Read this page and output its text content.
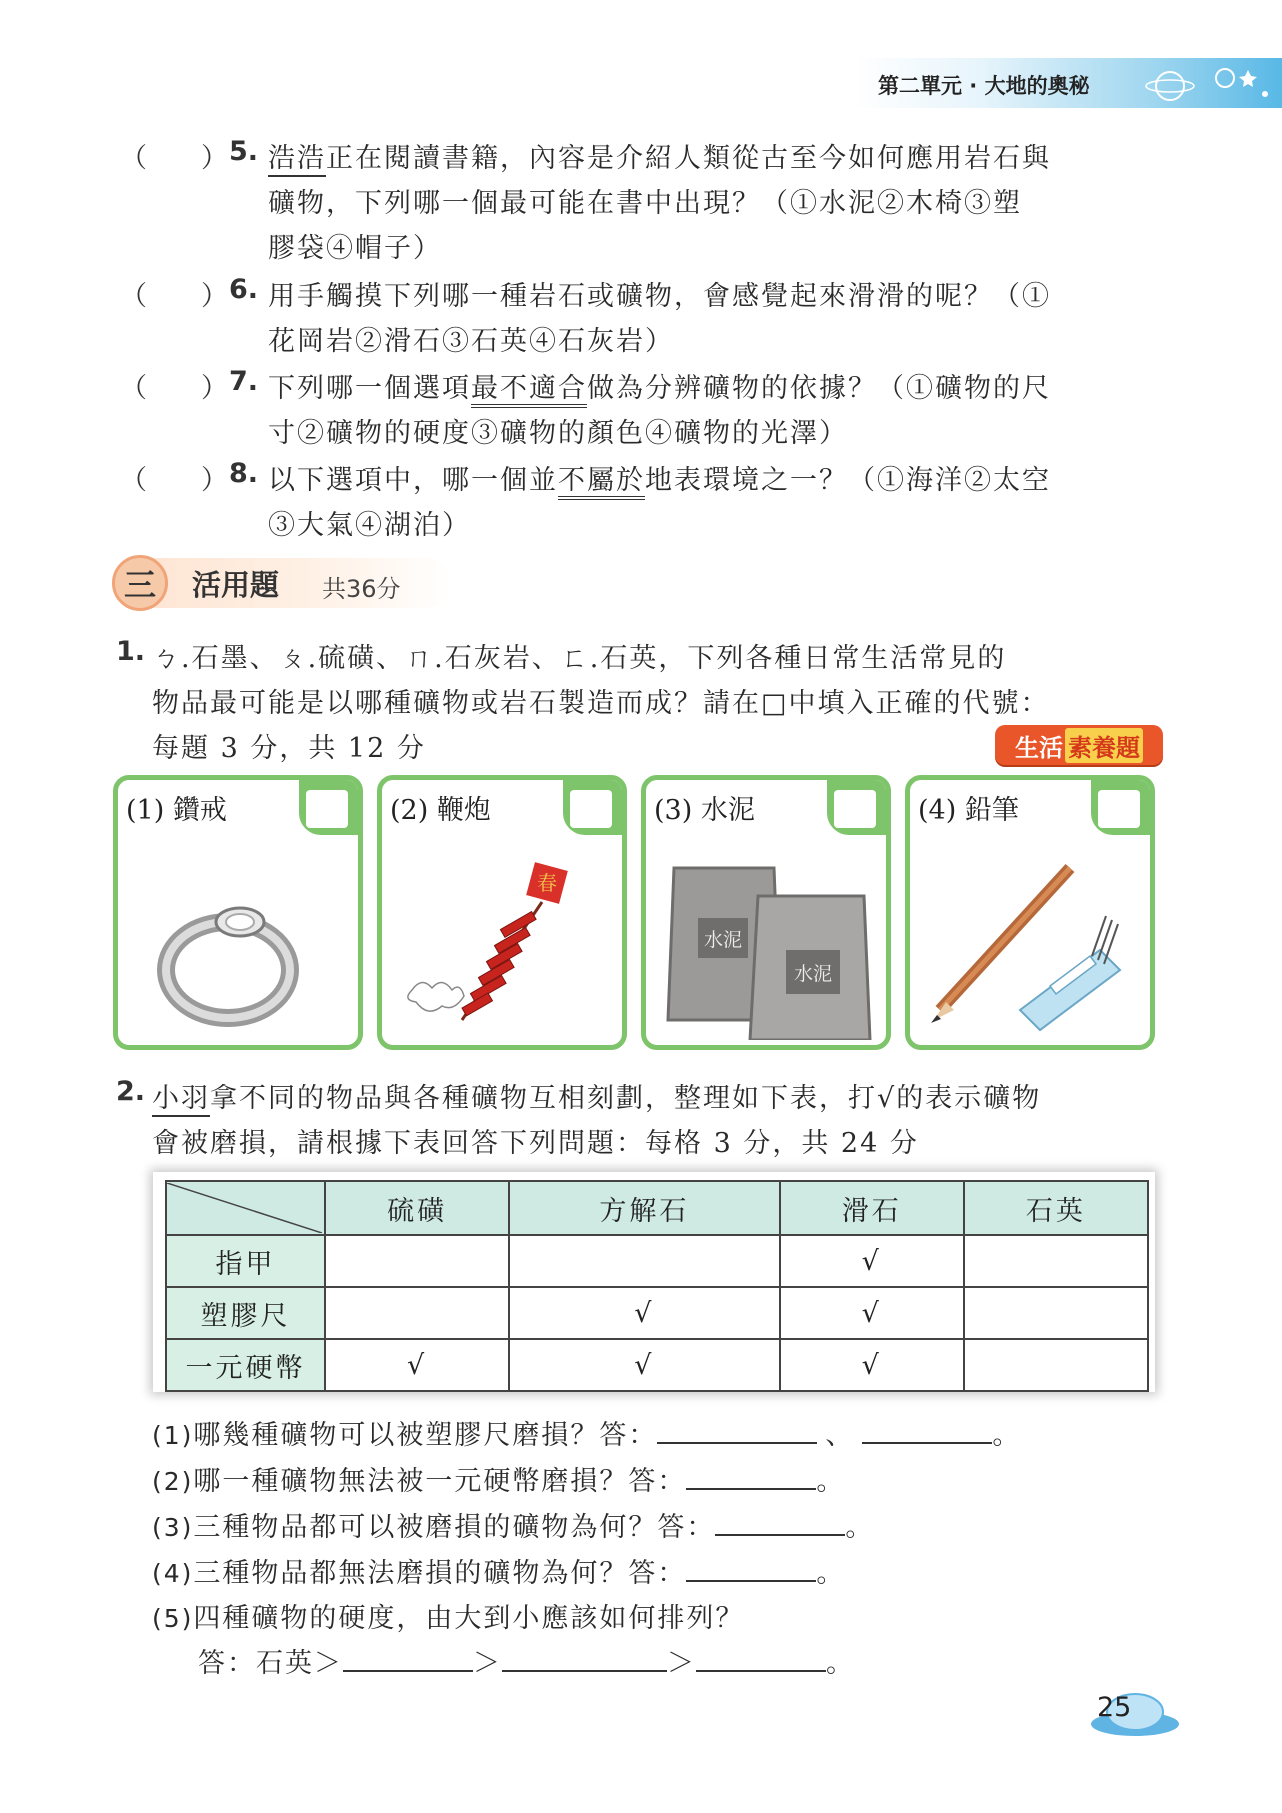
第二單元 · 大地的奧秘
（　　） 5. 浩浩正在閱讀書籍，內容是介紹人類從古至今如何應用岩石與
礦物，下列哪一個最可能在書中出現？（①水泥②木椅③塑
膠袋④帽子）
（　　） 6. 用手觸摸下列哪一種岩石或礦物，會感覺起來滑滑的呢？（①
花岡岩②滑石③石英④石灰岩）
（　　） 7. 下列哪一個選項最不適合做為分辨礦物的依據？（①礦物的尺
寸②礦物的硬度③礦物的顏色④礦物的光澤）
（　　） 8. 以下選項中，哪一個並不屬於地表環境之一？（①海洋②太空
③大氣④湖泊）
三	活用題 共36分
1. ㄅ.石墨、ㄆ.硫磺、ㄇ.石灰岩、ㄈ.石英，下列各種日常生活常見的
物品最可能是以哪種礦物或岩石製造而成？請在□中填入正確的代號：
每題 3 分，共 12 分	生活 素養題
(1) 鑽戒	(2) 鞭炮
春
(3) 水泥
水泥
水泥
(4) 鉛筆
2. 小羽拿不同的物品與各種礦物互相刻劃，整理如下表，打√的表示礦物
會被磨損，請根據下表回答下列問題：每格 3 分，共 24 分
	硫磺	方解石	滑石	石英
指甲			√	
塑膠尺		√	√	
一元硬幣	√	√	√	
(1)哪幾種礦物可以被塑膠尺磨損？答：	、	。
(2)哪一種礦物無法被一元硬幣磨損？答：	。
(3)三種物品都可以被磨損的礦物為何？答：	。
(4)三種物品都無法磨損的礦物為何？答：	。
(5)四種礦物的硬度，由大到小應該如何排列？
答：石英＞	＞	＞	。
25
